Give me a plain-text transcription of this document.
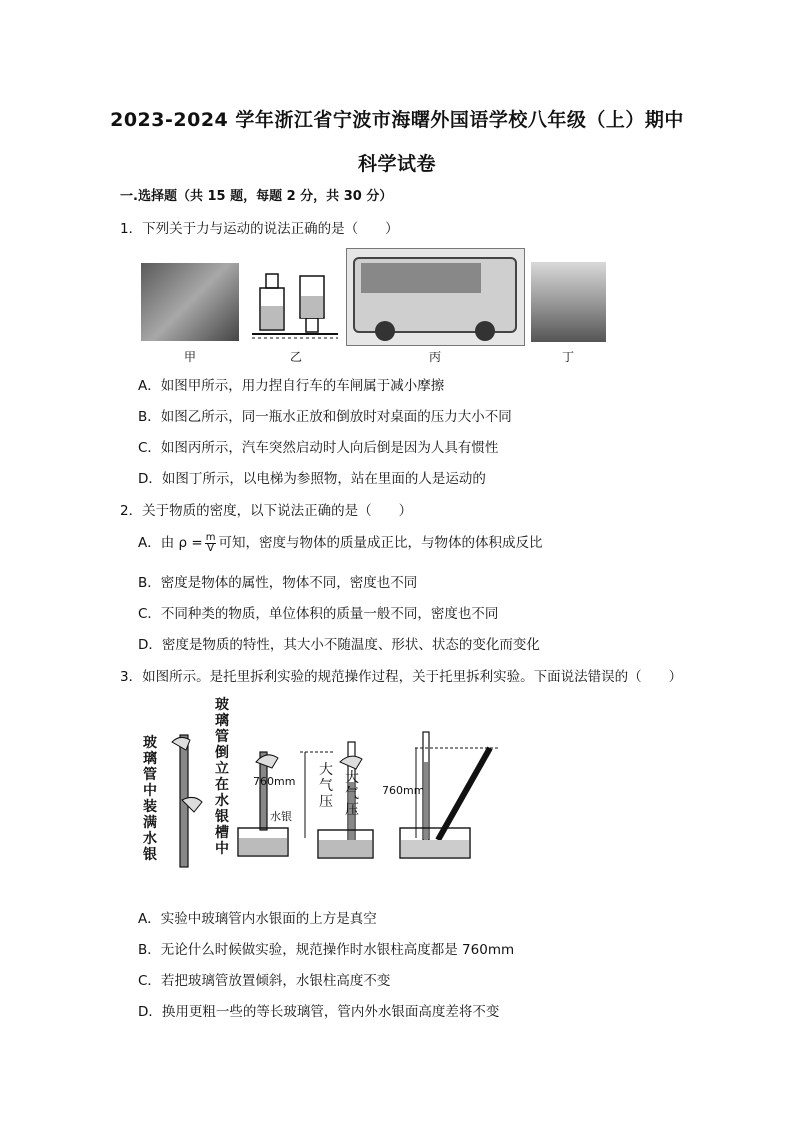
2023-2024 学年浙江省宁波市海曙外国语学校八年级（上）期中
科学试卷
一.选择题（共 15 题，每题 2 分，共 30 分）
1．下列关于力与运动的说法正确的是（　　）
甲	乙	丙	丁
A．如图甲所示，用力捏自行车的车闸属于减小摩擦
B．如图乙所示，同一瓶水正放和倒放时对桌面的压力大小不同
C．如图丙所示，汽车突然启动时人向后倒是因为人具有惯性
D．如图丁所示，以电梯为参照物，站在里面的人是运动的
2．关于物质的密度，以下说法正确的是（　　）
A．由 $\rho = \frac{m}{V}$ 可知，密度与物体的质量成正比，与物体的体积成反比
B．密度是物体的属性，物体不同，密度也不同
C．不同种类的物质，单位体积的质量一般不同，密度也不同
D．密度是物质的特性，其大小不随温度、形状、状态的变化而变化
3．如图所示。是托里拆利实验的规范操作过程，关于托里拆利实验。下面说法错误的（　　）
玻璃管中装满水银
玻璃管倒立在水银槽中
760mm
760mm
水银
大气压
大气压
A．实验中玻璃管内水银面的上方是真空
B．无论什么时候做实验，规范操作时水银柱高度都是 760mm
C．若把玻璃管放置倾斜，水银柱高度不变
D．换用更粗一些的等长玻璃管，管内外水银面高度差将不变
